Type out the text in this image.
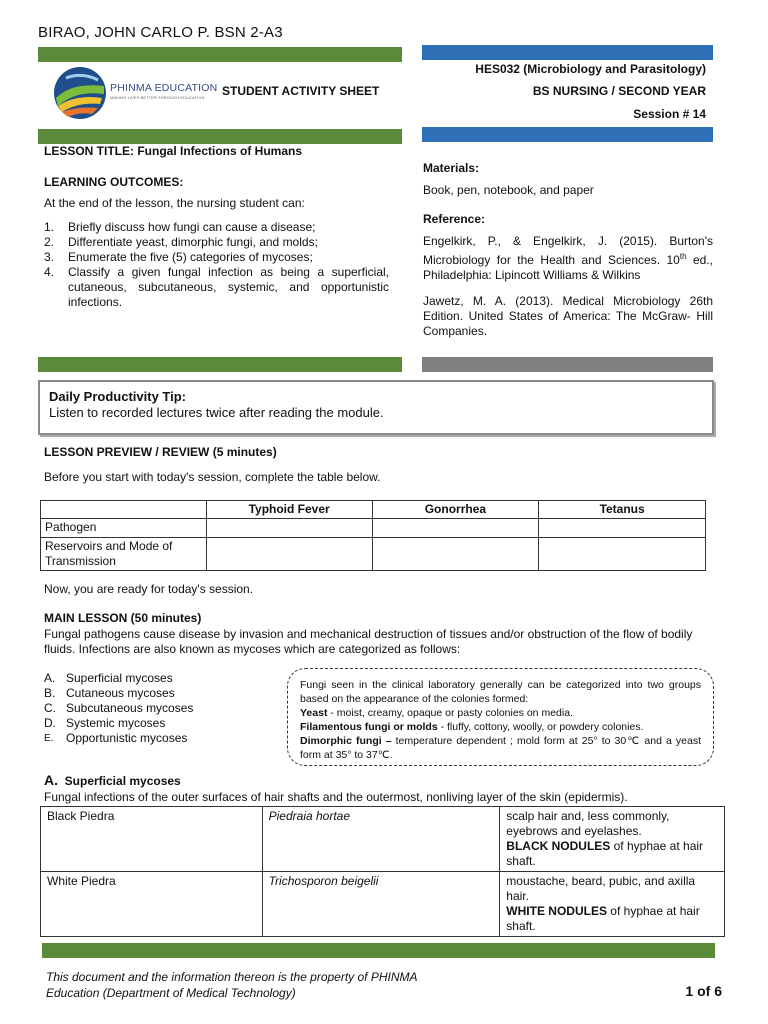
BIRAO, JOHN CARLO P. BSN 2-A3
PHINMA EDUCATION
MAKING LIVES BETTER THROUGH EDUCATION STUDENT ACTIVITY SHEET
HES032 (Microbiology and Parasitology)
BS NURSING / SECOND YEAR
Session # 14
LESSON TITLE: Fungal Infections of Humans
LEARNING OUTCOMES:
At the end of the lesson, the nursing student can:
1. Briefly discuss how fungi can cause a disease;
2. Differentiate yeast, dimorphic fungi, and molds;
3. Enumerate the five (5) categories of mycoses;
4. Classify a given fungal infection as being a superficial, cutaneous, subcutaneous, systemic, and opportunistic infections.
Materials:
Book, pen, notebook, and paper
Reference:

Engelkirk, P., & Engelkirk, J. (2015). Burton's Microbiology for the Health and Sciences. 10th ed., Philadelphia: Lipincott Williams & Wilkins

Jawetz, M. A. (2013). Medical Microbiology 26th Edition. United States of America: The McGraw- Hill Companies.

Daily Productivity Tip:
Listen to recorded lectures twice after reading the module.
LESSON PREVIEW / REVIEW (5 minutes)
Before you start with today's session, complete the table below.
	Typhoid Fever	Gonorrhea	Tetanus
Pathogen			
Reservoirs and Mode of Transmission			
Now, you are ready for today's session.
MAIN LESSON (50 minutes)

Fungal pathogens cause disease by invasion and mechanical destruction of tissues and/or obstruction of the flow of bodily fluids. Infections are also known as mycoses which are categorized as follows:

A. Superficial mycoses
B. Cutaneous mycoses
C. Subcutaneous mycoses
D. Systemic mycoses
E. Opportunistic mycoses
Fungi seen in the clinical laboratory generally can be categorized into two groups based on the appearance of the colonies formed:
Yeast - moist, creamy, opaque or pasty colonies on media.
Filamentous fungi or molds - fluffy, cottony, woolly, or powdery colonies.
Dimorphic fungi – temperature dependent ; mold form at 25° to 30℃ and a yeast form at 35° to 37℃.
A. Superficial mycoses
Fungal infections of the outer surfaces of hair shafts and the outermost, nonliving layer of the skin (epidermis).
Black Piedra	Piedraia hortae	scalp hair and, less commonly, eyebrows and eyelashes.
BLACK NODULES of hyphae at hair shaft.
White Piedra	Trichosporon beigelii	moustache, beard, pubic, and axilla hair.
WHITE NODULES of hyphae at hair shaft.
This document and the information thereon is the property of PHINMA
Education (Department of Medical Technology)	1 of 6
